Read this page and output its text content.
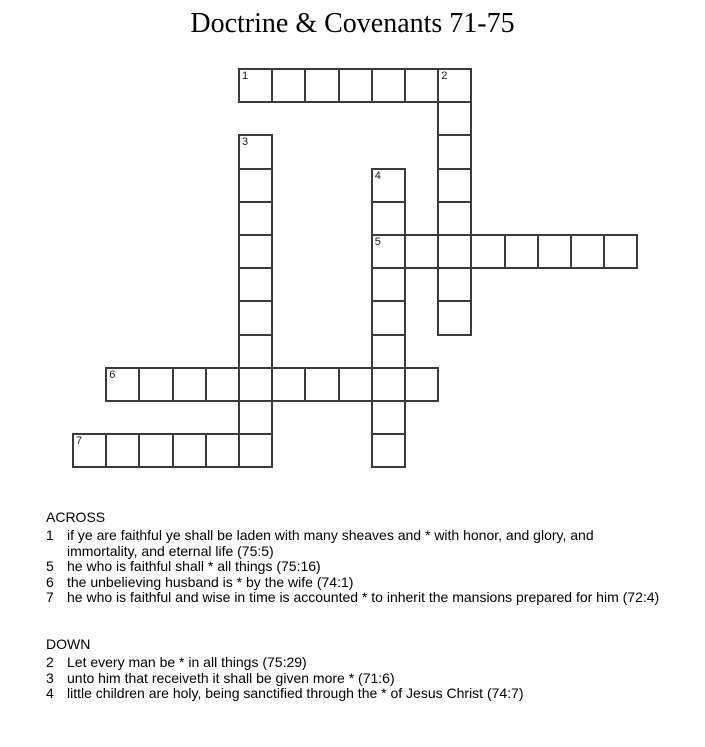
Doctrine & Covenants 71-75
1	2
3
4
5
6
7
ACROSS
1 if ye are faithful ye shall be laden with many sheaves and * with honor, and glory, and immortality, and eternal life (75:5)
5 he who is faithful shall * all things (75:16)
6 the unbelieving husband is * by the wife (74:1)
7 he who is faithful and wise in time is accounted * to inherit the mansions prepared for him (72:4)
DOWN
2 Let every man be * in all things (75:29)
3 unto him that receiveth it shall be given more * (71:6)
4 little children are holy, being sanctified through the * of Jesus Christ (74:7)
